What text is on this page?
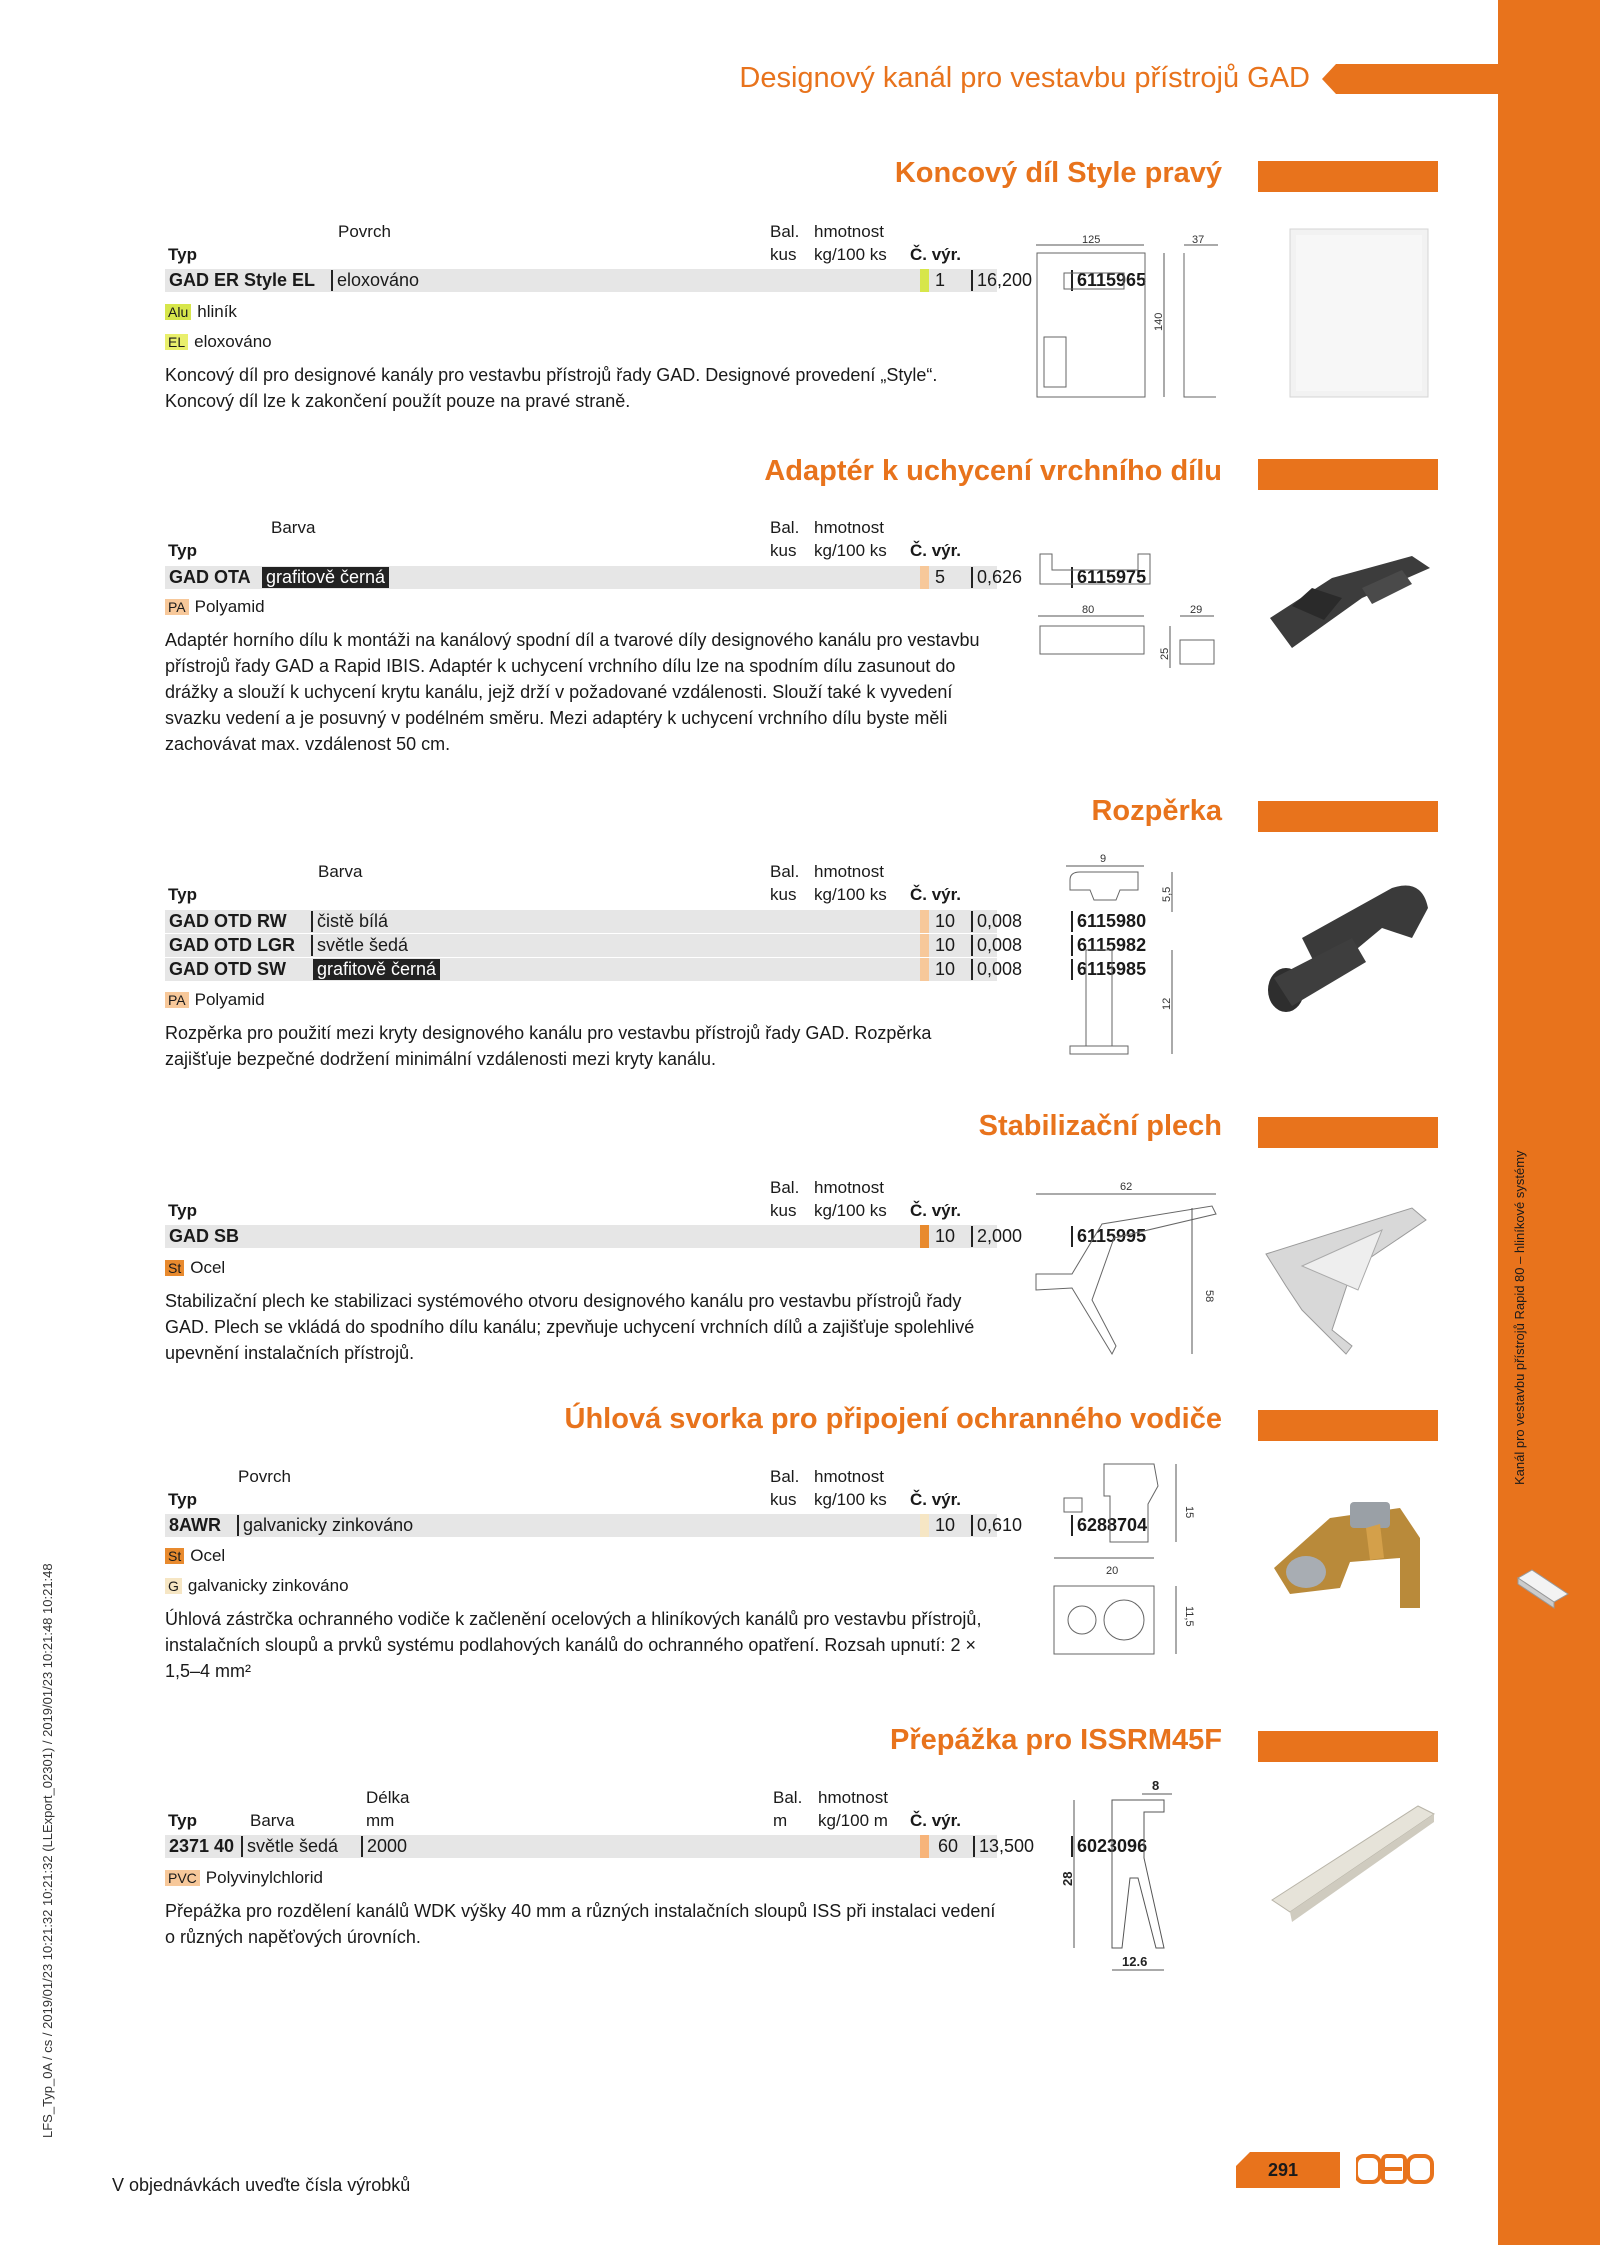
Kanál pro vestavbu přístrojů Rapid 80 – hliníkové systémy
Designový kanál pro vestavbu přístrojů GAD
Koncový díl Style pravý
Povrch	Bal. hmotnost
Typ	kus kg/100 ks Č. výr.
GAD ER Style EL	eloxováno	1	16,200	6115965
Alu hliník
EL eloxováno
Koncový díl pro designové kanály pro vestavbu přístrojů řady GAD. Designové provedení „Style“. Koncový díl lze k zakončení použít pouze na pravé straně.
125	37
140
Adaptér k uchycení vrchního dílu
Barva	Bal. hmotnost
Typ	kus kg/100 ks Č. výr.
GAD OTA grafitově černá	5	0,626	6115975
PA Polyamid
Adaptér horního dílu k montáži na kanálový spodní díl a tvarové díly designového kanálu pro vestavbu přístrojů řady GAD a Rapid IBIS. Adaptér k uchycení vrchního dílu lze na spodním dílu zasunout do drážky a slouží k uchycení krytu kanálu, jejž drží v požadované vzdálenosti. Slouží také k vyvedení svazku vedení a je posuvný v podélném směru. Mezi adaptéry k uchycení vrchního dílu byste měli zachovávat max. vzdálenost 50 cm.
80	29
25
Rozpěrka
Barva	Bal. hmotnost
Typ	kus kg/100 ks Č. výr.
GAD OTD RW	čistě bílá	10	0,008	6115980
GAD OTD LGR	světle šedá	10	0,008	6115982
GAD OTD SW grafitově černá	10	0,008	6115985
PA Polyamid
Rozpěrka pro použití mezi kryty designového kanálu pro vestavbu přístrojů řady GAD. Rozpěrka zajišťuje bezpečné dodržení minimální vzdálenosti mezi kryty kanálu.
9
5,5
12
Stabilizační plech
Bal. hmotnost
Typ	kus kg/100 ks Č. výr.
GAD SB	10	2,000	6115995
St Ocel
Stabilizační plech ke stabilizaci systémového otvoru designového kanálu pro vestavbu přístrojů řady GAD. Plech se vkládá do spodního dílu kanálu; zpevňuje uchycení vrchních dílů a zajišťuje spolehlivé upevnění instalačních přístrojů.
62
58
Úhlová svorka pro připojení ochranného vodiče
Povrch	Bal. hmotnost
Typ	kus kg/100 ks Č. výr.
8AWR	galvanicky zinkováno	10	0,610	6288704
St Ocel
G galvanicky zinkováno
Úhlová zástrčka ochranného vodiče k začlenění ocelových a hliníkových kanálů pro vestavbu přístrojů, instalačních sloupů a prvků systému podlahových kanálů do ochranného opatření. Rozsah upnutí: 2 × 1,5–4 mm²
15
20
11,5
Přepážka pro ISSRM45F
Délka	Bal. hmotnost
Typ	Barva	mm	m kg/100 m Č. výr.
2371 40 světle šedá	2000	60	13,500	6023096
PVC Polyvinylchlorid
Přepážka pro rozdělení kanálů WDK výšky 40 mm a různých instalačních sloupů ISS při instalaci vedení o různých napěťových úrovních.
8
28
12.6
LFS_Typ_0A / cs / 2019/01/23 10:21:32 10:21:32 (LLExport_02301) / 2019/01/23 10:21:48 10:21:48
V objednávkách uveďte čísla výrobků
291
